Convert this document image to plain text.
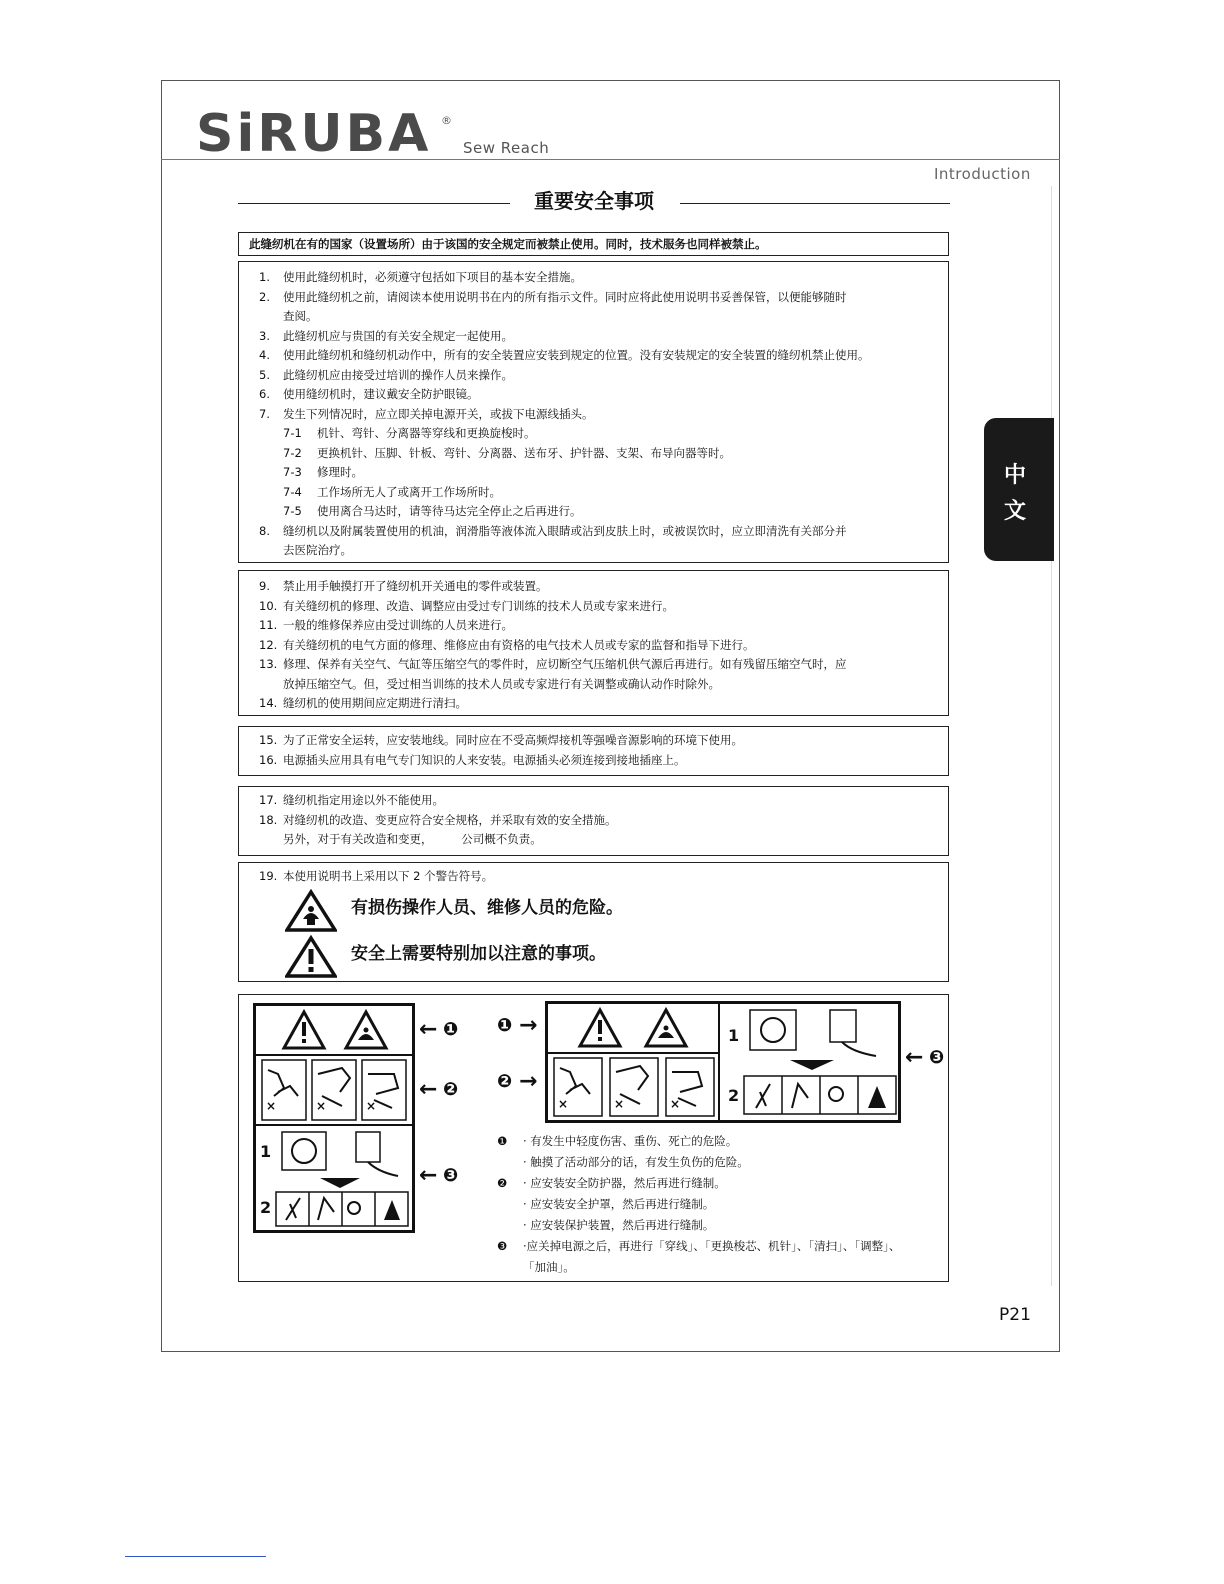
SiRUBA ®
Sew Reach
Introduction
重要安全事项
此缝纫机在有的国家（设置场所）由于该国的安全规定而被禁止使用。同时，技术服务也同样被禁止。
1. 使用此缝纫机时，必须遵守包括如下项目的基本安全措施。
2. 使用此缝纫机之前，请阅读本使用说明书在内的所有指示文件。同时应将此使用说明书妥善保管，以便能够随时
查阅。
3. 此缝纫机应与贵国的有关安全规定一起使用。
4. 使用此缝纫机和缝纫机动作中，所有的安全装置应安装到规定的位置。没有安装规定的安全装置的缝纫机禁止使用。
5. 此缝纫机应由接受过培训的操作人员来操作。
6. 使用缝纫机时，建议戴安全防护眼镜。
7. 发生下列情况时，应立即关掉电源开关，或拔下电源线插头。
7-1 机针、弯针、分离器等穿线和更换旋梭时。
7-2 更换机针、压脚、针板、弯针、分离器、送布牙、护针器、支架、布导向器等时。
7-3 修理时。
7-4 工作场所无人了或离开工作场所时。
7-5 使用离合马达时，请等待马达完全停止之后再进行。
8. 缝纫机以及附属装置使用的机油，润滑脂等液体流入眼睛或沾到皮肤上时，或被误饮时，应立即清洗有关部分并
去医院治疗。
9. 禁止用手触摸打开了缝纫机开关通电的零件或装置。
10. 有关缝纫机的修理、改造、调整应由受过专门训练的技术人员或专家来进行。
11. 一般的维修保养应由受过训练的人员来进行。
12. 有关缝纫机的电气方面的修理、维修应由有资格的电气技术人员或专家的监督和指导下进行。
13. 修理、保养有关空气、气缸等压缩空气的零件时，应切断空气压缩机供气源后再进行。如有残留压缩空气时，应
放掉压缩空气。但，受过相当训练的技术人员或专家进行有关调整或确认动作时除外。
14. 缝纫机的使用期间应定期进行清扫。
15. 为了正常安全运转，应安装地线。同时应在不受高频焊接机等强噪音源影响的环境下使用。
16. 电源插头应用具有电气专门知识的人来安装。电源插头必须连接到接地插座上。
17. 缝纫机指定用途以外不能使用。
18. 对缝纫机的改造、变更应符合安全规格，并采取有效的安全措施。
另外，对于有关改造和变更，　　　公司概不负责。
19. 本使用说明书上采用以下 2 个警告符号。
有损伤操作人员、维修人员的危险。
安全上需要特别加以注意的事项。
×	×	×
1
2
← ❶
← ❷
← ❸
❶ →
❷ →
×	×	×
1
2
← ❸
❶ · 有发生中轻度伤害、重伤、死亡的危险。
· 触摸了活动部分的话，有发生负伤的危险。
❷ · 应安装安全防护器，然后再进行缝制。
· 应安装安全护罩，然后再进行缝制。
· 应安装保护装置，然后再进行缝制。
❸ ·应关掉电源之后，再进行「穿线」、「更换梭芯、机针」、「清扫」、「调整」、
「加油」。
中
文
P21
